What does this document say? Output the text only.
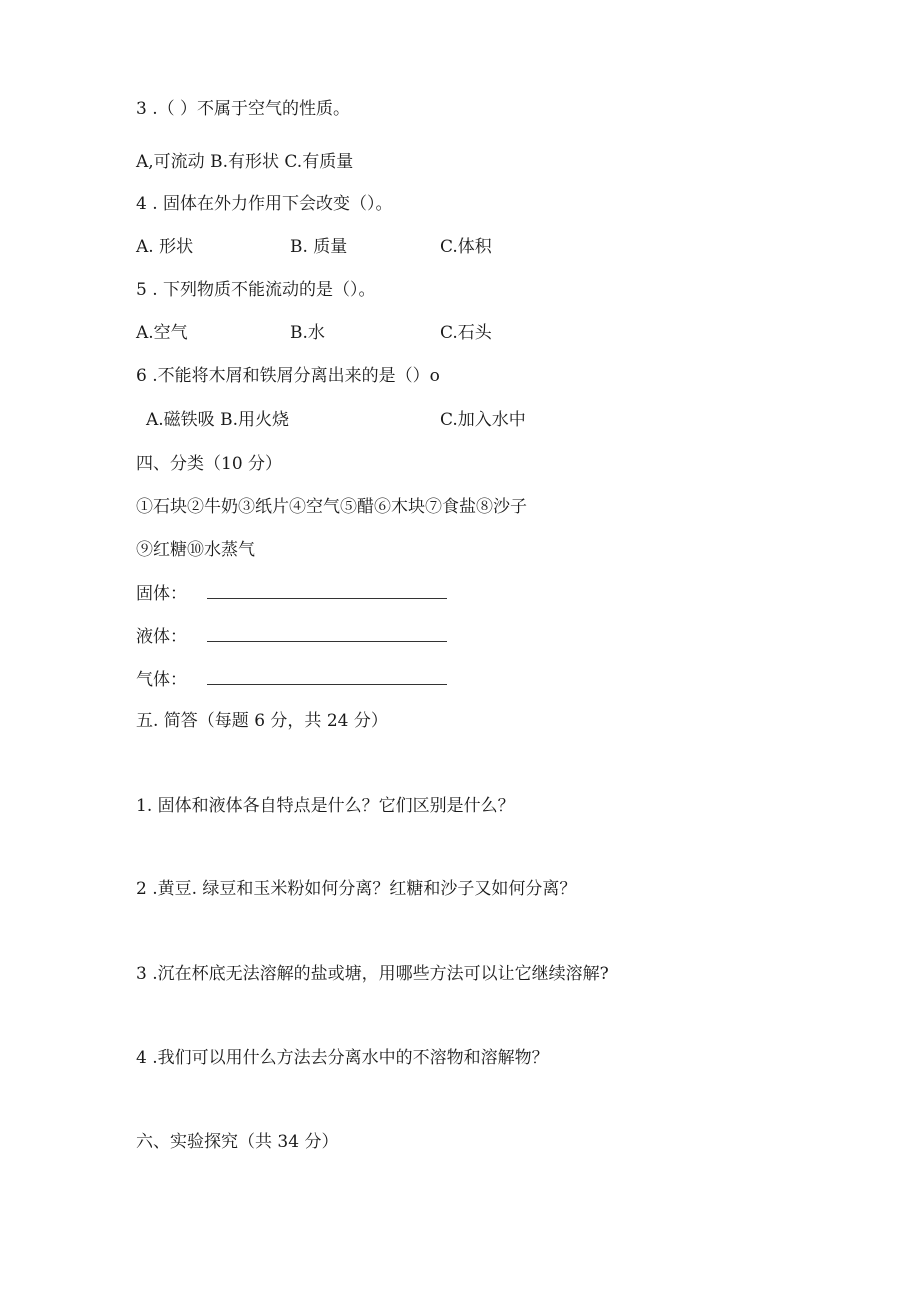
3 .（ ）不属于空气的性质。
A,可流动 B.有形状 C.有质量
4 . 固体在外力作用下会改变（）。
A. 形状	B. 质量	C.体积
5 . 下列物质不能流动的是（）。
A.空气	B.水	C.石头
6 .不能将木屑和铁屑分离出来的是（）o
A.磁铁吸 B.用火烧	C.加入水中
四、分类（10 分）
①石块②牛奶③纸片④空气⑤醋⑥木块⑦食盐⑧沙子
⑨红糖⑩水蒸气
固体：
液体：
气体：
五. 简答（每题 6 分，共 24 分）
1. 固体和液体各自特点是什么？它们区别是什么？
2 .黄豆. 绿豆和玉米粉如何分离？红糖和沙子又如何分离？
3 .沉在杯底无法溶解的盐或塘，用哪些方法可以让它继续溶解?
4 .我们可以用什么方法去分离水中的不溶物和溶解物？
六、实验探究（共 34 分）
